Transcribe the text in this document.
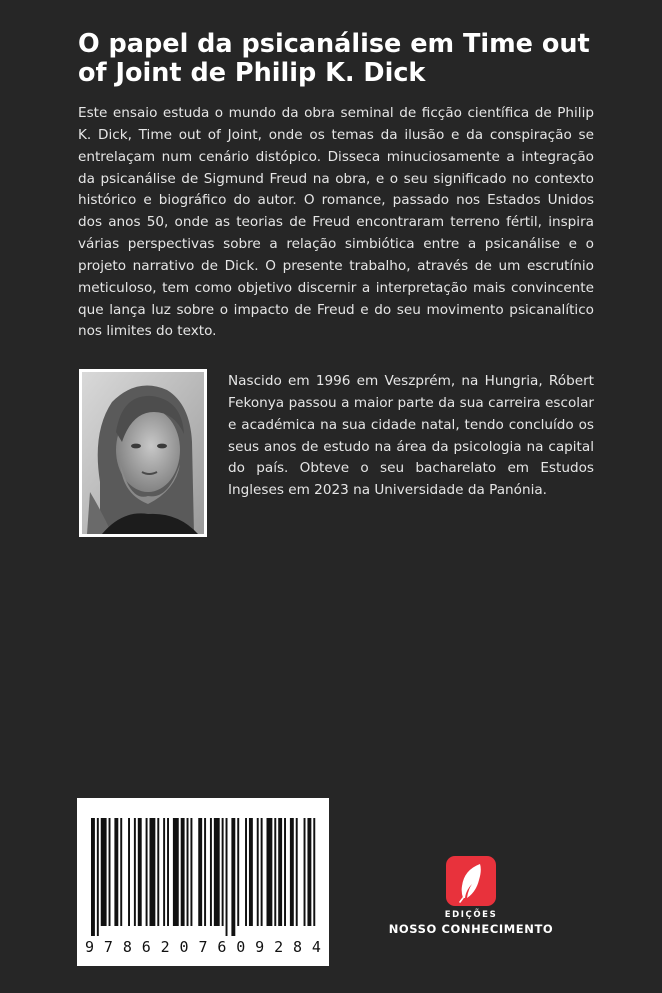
O papel da psicanálise em Time out of Joint de Philip K. Dick

Este ensaio estuda o mundo da obra seminal de ficção científica de Philip K. Dick, Time out of Joint, onde os temas da ilusão e da conspiração se entrelaçam num cenário distópico. Disseca minuciosamente a integração da psicanálise de Sigmund Freud na obra, e o seu significado no contexto histórico e biográfico do autor. O romance, passado nos Estados Unidos dos anos 50, onde as teorias de Freud encontraram terreno fértil, inspira várias perspectivas sobre a relação simbiótica entre a psicanálise e o projeto narrativo de Dick. O presente trabalho, através de um escrutínio meticuloso, tem como objetivo discernir a interpretação mais convincente que lança luz sobre o impacto de Freud e do seu movimento psicanalítico nos limites do texto.

Nascido em 1996 em Veszprém, na Hungria, Róbert Fekonya passou a maior parte da sua carreira escolar e académica na sua cidade natal, tendo concluído os seus anos de estudo na área da psicologia na capital do país. Obteve o seu bacharelato em Estudos Ingleses em 2023 na Universidade da Panónia.

9 7 8 6 2 0 7 6 0 9 2 8 4
EDIÇÕES
NOSSO CONHECIMENTO
